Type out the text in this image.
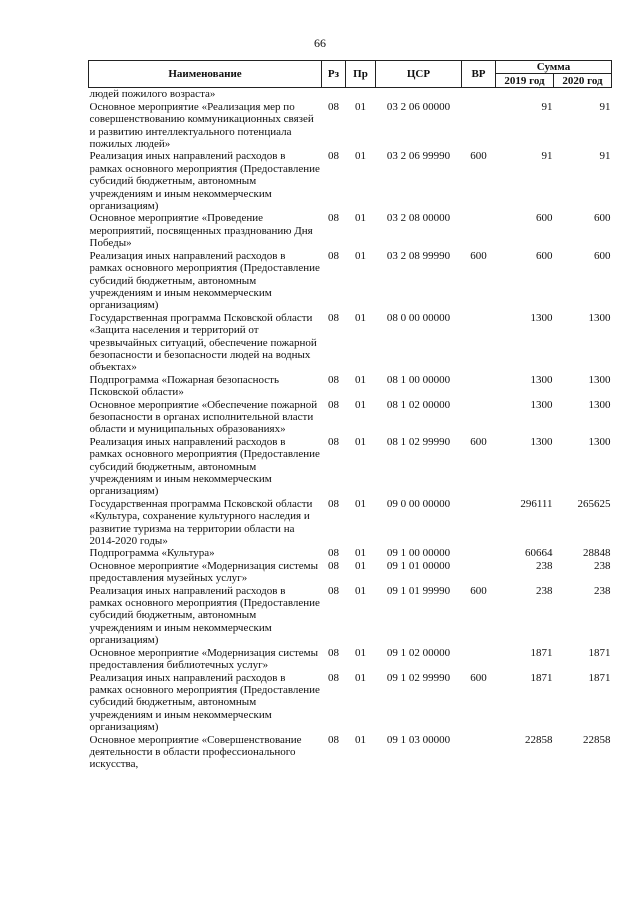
66
Наименование	Рз	Пр	ЦСР	ВР	Сумма	
					2019 год	2020 год
людей пожилого возраста»						
Основное мероприятие «Реализация мер по совершенствованию коммуникационных связей и развитию интеллектуального потенциала пожилых людей»	08	01	03 2 06 00000		91	91
Реализация иных направлений расходов в рамках основного мероприятия (Предоставление субсидий бюджетным, автономным учреждениям и иным некоммерческим организациям)	08	01	03 2 06 99990	600	91	91
Основное мероприятие «Проведение мероприятий, посвященных празднованию Дня Победы»	08	01	03 2 08 00000		600	600
Реализация иных направлений расходов в рамках основного мероприятия (Предоставление субсидий бюджетным, автономным учреждениям и иным некоммерческим организациям)	08	01	03 2 08 99990	600	600	600
Государственная программа Псковской области «Защита населения и территорий от чрезвычайных ситуаций, обеспечение пожарной безопасности и безопасности людей на водных объектах»	08	01	08 0 00 00000		1300	1300
Подпрограмма «Пожарная безопасность Псковской области»	08	01	08 1 00 00000		1300	1300
Основное мероприятие «Обеспечение пожарной безопасности в органах исполнительной власти области и муниципальных образованиях»	08	01	08 1 02 00000		1300	1300
Реализация иных направлений расходов в рамках основного мероприятия (Предоставление субсидий бюджетным, автономным учреждениям и иным некоммерческим организациям)	08	01	08 1 02 99990	600	1300	1300
Государственная программа Псковской области «Культура, сохранение культурного наследия и развитие туризма на территории области на 2014-2020 годы»	08	01	09 0 00 00000		296111	265625
Подпрограмма «Культура»	08	01	09 1 00 00000		60664	28848
Основное мероприятие «Модернизация системы предоставления музейных услуг»	08	01	09 1 01 00000		238	238
Реализация иных направлений расходов в рамках основного мероприятия (Предоставление субсидий бюджетным, автономным учреждениям и иным некоммерческим организациям)	08	01	09 1 01 99990	600	238	238
Основное мероприятие «Модернизация системы предоставления библиотечных услуг»	08	01	09 1 02 00000		1871	1871
Реализация иных направлений расходов в рамках основного мероприятия (Предоставление субсидий бюджетным, автономным учреждениям и иным некоммерческим организациям)	08	01	09 1 02 99990	600	1871	1871
Основное мероприятие «Совершенствование деятельности в области профессионального искусства,	08	01	09 1 03 00000		22858	22858
